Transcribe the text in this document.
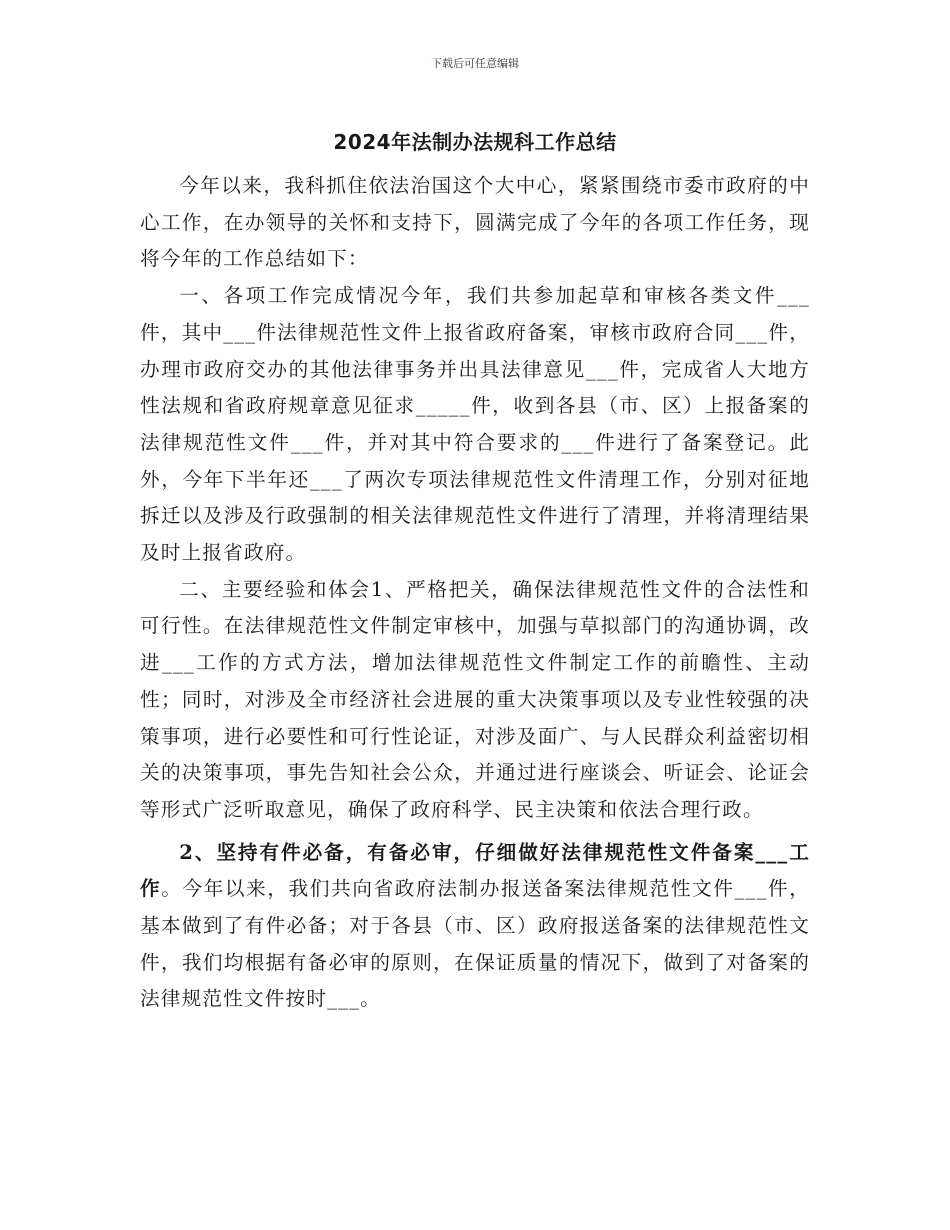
下载后可任意编辑
2024年法制办法规科工作总结

今年以来，我科抓住依法治国这个大中心，紧紧围绕市委市政府的中心工作，在办领导的关怀和支持下，圆满完成了今年的各项工作任务，现将今年的工作总结如下：

一、各项工作完成情况今年，我们共参加起草和审核各类文件___件，其中___件法律规范性文件上报省政府备案，审核市政府合同___件，办理市政府交办的其他法律事务并出具法律意见___件，完成省人大地方性法规和省政府规章意见征求_____件，收到各县（市、区）上报备案的法律规范性文件___件，并对其中符合要求的___件进行了备案登记。此外，今年下半年还___了两次专项法律规范性文件清理工作，分别对征地拆迁以及涉及行政强制的相关法律规范性文件进行了清理，并将清理结果及时上报省政府。

二、主要经验和体会1、严格把关，确保法律规范性文件的合法性和可行性。在法律规范性文件制定审核中，加强与草拟部门的沟通协调，改进___工作的方式方法，增加法律规范性文件制定工作的前瞻性、主动性；同时，对涉及全市经济社会进展的重大决策事项以及专业性较强的决策事项，进行必要性和可行性论证，对涉及面广、与人民群众利益密切相关的决策事项，事先告知社会公众，并通过进行座谈会、听证会、论证会等形式广泛听取意见，确保了政府科学、民主决策和依法合理行政。

2、坚持有件必备，有备必审，仔细做好法律规范性文件备案___工作。今年以来，我们共向省政府法制办报送备案法律规范性文件___件，基本做到了有件必备；对于各县（市、区）政府报送备案的法律规范性文件，我们均根据有备必审的原则，在保证质量的情况下，做到了对备案的法律规范性文件按时___。
